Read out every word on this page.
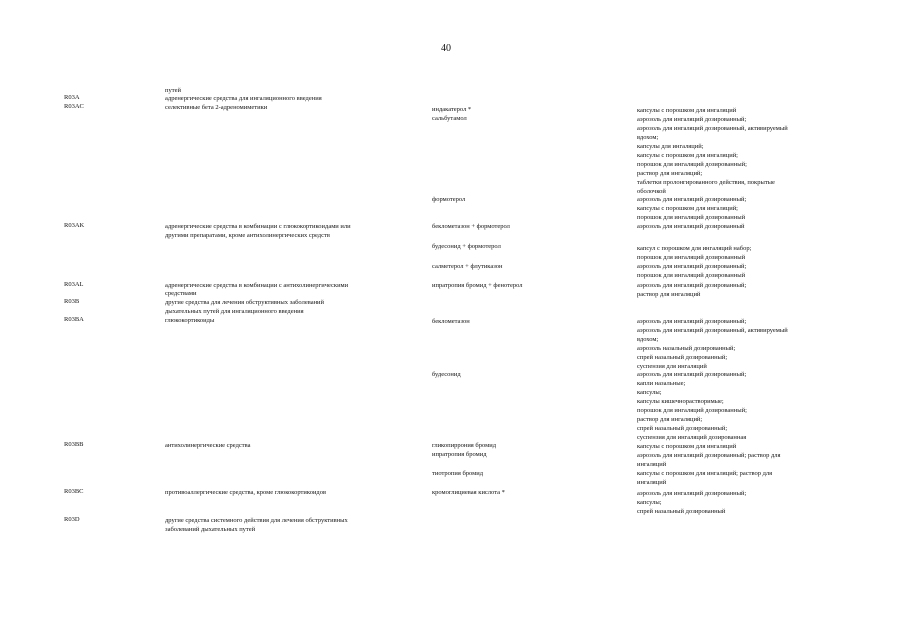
40
путей
R03A	адренергические средства для ингаляционного введения
R03AC	селективные бета 2-адреномиметики	индакатерол *	капсулы с порошком для ингаляций
сальбутамол	аэрозоль для ингаляций дозированный;
аэрозоль для ингаляций дозированный, активируемый
вдохом;
капсулы для ингаляций;
капсулы с порошком для ингаляций;
порошок для ингаляций дозированный;
раствор для ингаляций;
таблетки пролонгированного действия, покрытые
оболочкой
формотерол	аэрозоль для ингаляций дозированный;
капсулы с порошком для ингаляций;
порошок для ингаляций дозированный
R03AK	адренергические средства в комбинации с глюкокортикоидами или	беклометазон + формотерол	аэрозоль для ингаляций дозированный
другими препаратами, кроме антихолинергических средств
будесонид + формотерол	капсул с порошком для ингаляций набор;
порошок для ингаляций дозированный
салметерол + флутиказон	аэрозоль для ингаляций дозированный;
порошок для ингаляций дозированный
R03AL	адренергические средства в комбинации с антихолинергическими	ипратропия бромид + фенотерол	аэрозоль для ингаляций дозированный;
средствами	раствор для ингаляций
R03B	другие средства для лечения обструктивных заболеваний
дыхательных путей для ингаляционного введения
R03BA	глюкокортикоиды	беклометазон	аэрозоль для ингаляций дозированный;
аэрозоль для ингаляций дозированный, активируемый
вдохом;
аэрозоль назальный дозированный;
спрей назальный дозированный;
суспензия для ингаляций
будесонид	аэрозоль для ингаляций дозированный;
капли назальные;
капсулы;
капсулы кишечнорастворимые;
порошок для ингаляций дозированный;
раствор для ингаляций;
спрей назальный дозированный;
суспензия для ингаляций дозированная
R03BB	антихолинергические средства	гликопиррония бромид	капсулы с порошком для ингаляций
ипратропия бромид	аэрозоль для ингаляций дозированный; раствор для
ингаляций
тиотропия бромид	капсулы с порошком для ингаляций; раствор для
ингаляций
R03BC	противоаллергические средства, кроме глюкокортикоидов	кромоглициевая кислота *	аэрозоль для ингаляций дозированный;
капсулы;
спрей назальный дозированный
R03D	другие средства системного действия для лечения обструктивных
заболеваний дыхательных путей
